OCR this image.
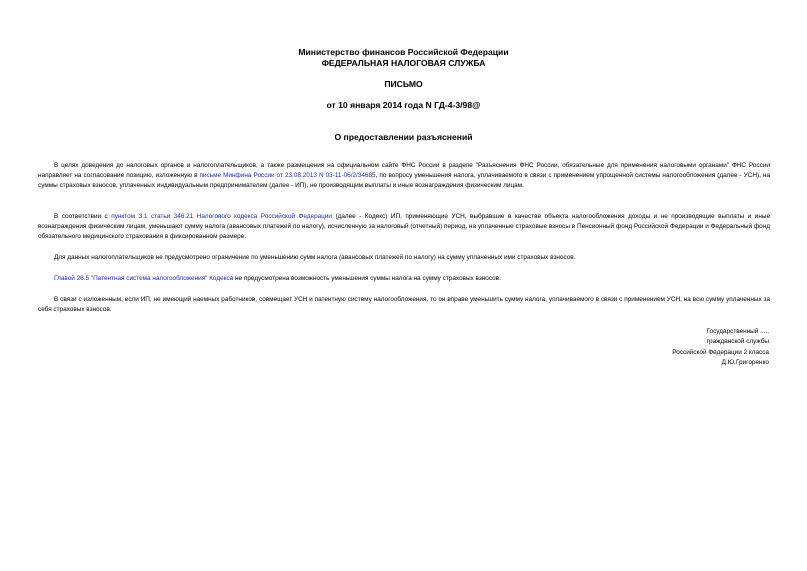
Министерство финансов Российской Федерации
ФЕДЕРАЛЬНАЯ НАЛОГОВАЯ СЛУЖБА
ПИСЬМО
от 10 января 2014 года N ГД-4-3/98@
О предоставлении разъяснений

В целях доведения до налоговых органов и налогоплательщиков, а также размещения на официальном сайте ФНС России в разделе "Разъяснения ФНС России, обязательные для применения налоговыми органами" ФНС России направляет на согласование позицию, изложенную в письме Минфина России от 23.08.2013 N 03-11-06/2/34685, по вопросу уменьшения налога, уплачиваемого в связи с применением упрощенной системы налогообложения (далее - УСН), на суммы страховых взносов, уплаченных индивидуальным предпринимателем (далее - ИП), не производящим выплаты и иные вознаграждения физическим лицам.

В соответствии с пунктом 3.1 статьи 346.21 Налогового кодекса Российской Федерации (далее - Кодекс) ИП, применяющие УСН, выбравшие в качестве объекта налогообложения доходы и не производящие выплаты и иные вознаграждения физическим лицам, уменьшают сумму налога (авансовых платежей по налогу), исчисленную за налоговый (отчетный) период, на уплаченные страховые взносы в Пенсионный фонд Российской Федерации и Федеральный фонд обязательного медицинского страхования в фиксированном размере.

Для данных налогоплательщиков не предусмотрено ограничение по уменьшению сумм налога (авансовых платежей по налогу) на сумму уплаченных ими страховых взносов.

Главой 26.5 "Патентная система налогообложения" Кодекса не предусмотрена возможность уменьшения суммы налога на сумму страховых взносов.

В связи с изложенным, если ИП, не имеющий наемных работников, совмещает УСН и патентную систему налогообложения, то он вправе уменьшить сумму налога, уплачиваемого в связи с применением УСН, на всю сумму уплаченных за себя страховых взносов.

Государственный .....
гражданской службы
Российской Федерации 2 класса
Д.Ю.Григоренко
